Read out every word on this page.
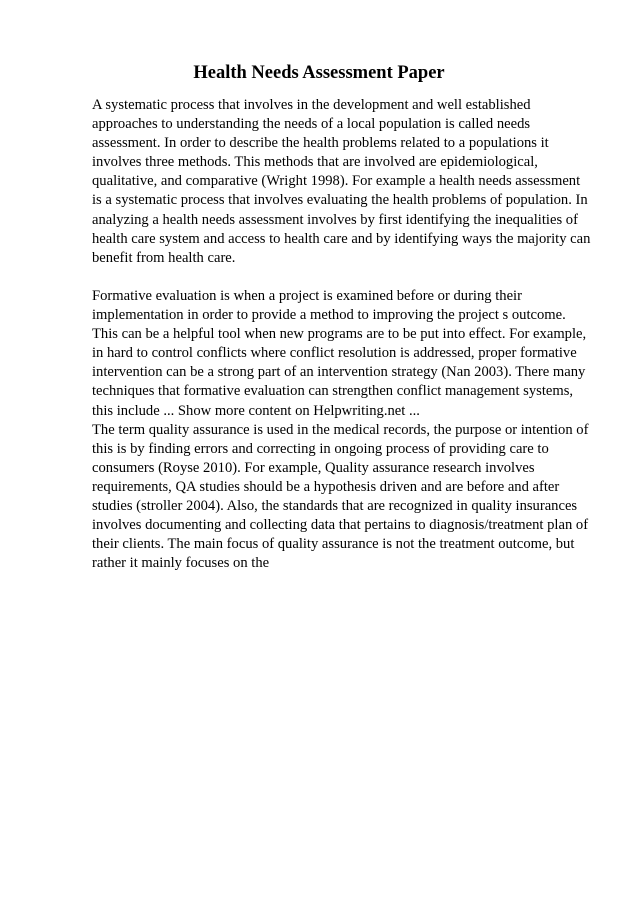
Health Needs Assessment Paper
A systematic process that involves in the development and well established
approaches to understanding the needs of a local population is called needs
assessment. In order to describe the health problems related to a populations it
involves three methods. This methods that are involved are epidemiological,
qualitative, and comparative (Wright 1998). For example a health needs assessment
is a systematic process that involves evaluating the health problems of population. In
analyzing a health needs assessment involves by first identifying the inequalities of
health care system and access to health care and by identifying ways the majority can
benefit from health care.
Formative evaluation is when a project is examined before or during their
implementation in order to provide a method to improving the project s outcome.
This can be a helpful tool when new programs are to be put into effect. For example,
in hard to control conflicts where conflict resolution is addressed, proper formative
intervention can be a strong part of an intervention strategy (Nan 2003). There many
techniques that formative evaluation can strengthen conflict management systems,
this include ... Show more content on Helpwriting.net ...
The term quality assurance is used in the medical records, the purpose or intention of
this is by finding errors and correcting in ongoing process of providing care to
consumers (Royse 2010). For example, Quality assurance research involves
requirements, QA studies should be a hypothesis driven and are before and after
studies (stroller 2004). Also, the standards that are recognized in quality insurances
involves documenting and collecting data that pertains to diagnosis/treatment plan of
their clients. The main focus of quality assurance is not the treatment outcome, but
rather it mainly focuses on the
